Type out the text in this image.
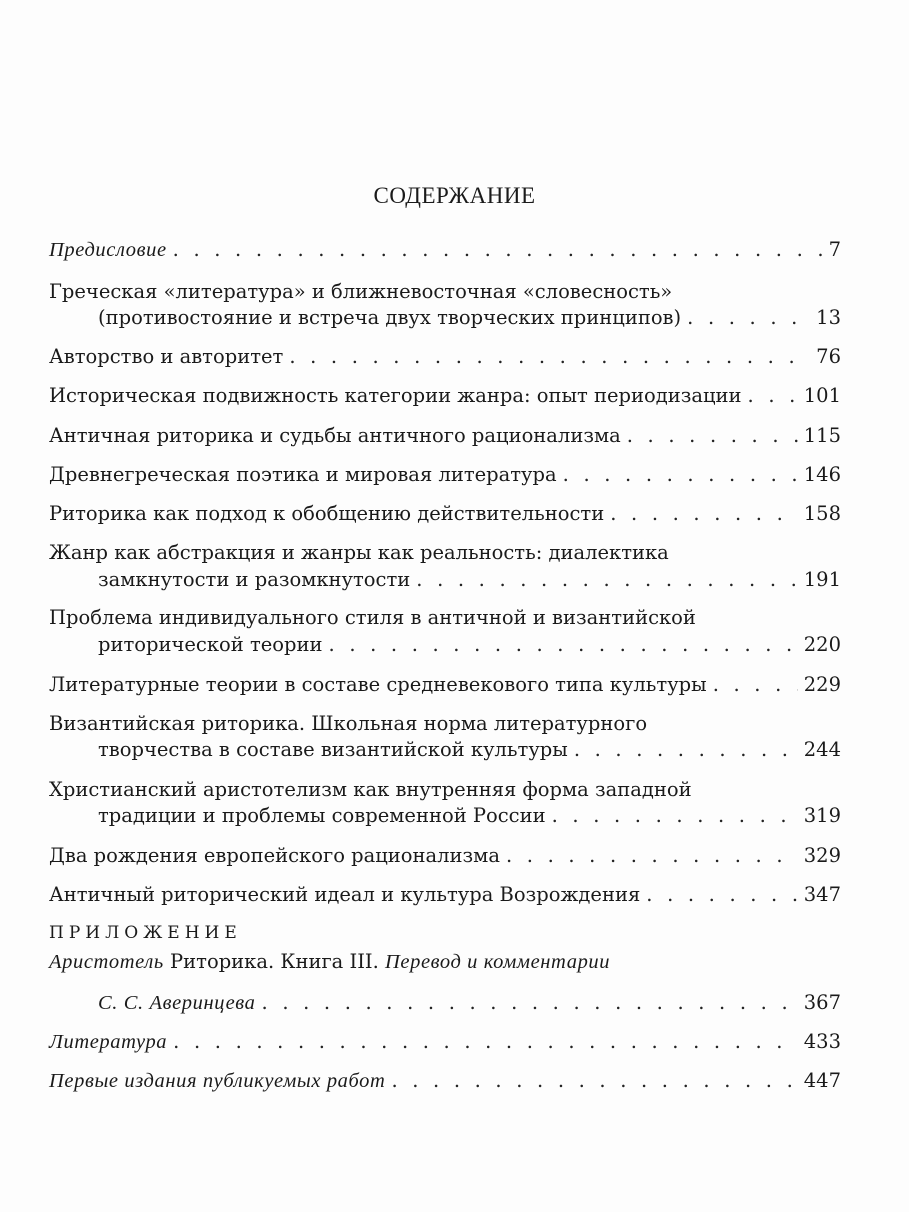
СОДЕРЖАНИЕ
Предисловие . . .	7
Греческая «литература» и ближневосточная «словесность»
(противостояние и встреча двух творческих принципов) . . .	13
Авторство и авторитет . . .	76
Историческая подвижность категории жанра: опыт периодизации . . .	101
Античная риторика и судьбы античного рационализма . . .	115
Древнегреческая поэтика и мировая литература . . .	146
Риторика как подход к обобщению действительности . . .	158
Жанр как абстракция и жанры как реальность: диалектика
замкнутости и разомкнутости . . .	191
Проблема индивидуального стиля в античной и византийской
риторической теории . . .	220
Литературные теории в составе средневекового типа культуры . . .	229
Византийская риторика. Школьная норма литературного
творчества в составе византийской культуры . . .	244
Христианский аристотелизм как внутренняя форма западной
традиции и проблемы современной России . . .	319
Два рождения европейского рационализма . . .	329
Античный риторический идеал и культура Возрождения . . .	347
ПРИЛОЖЕНИЕ
Аристотель Риторика. Книга III. Перевод и комментарии
С. С. Аверинцева . . .	367
Литература . . .	433
Первые издания публикуемых работ . . .	447
